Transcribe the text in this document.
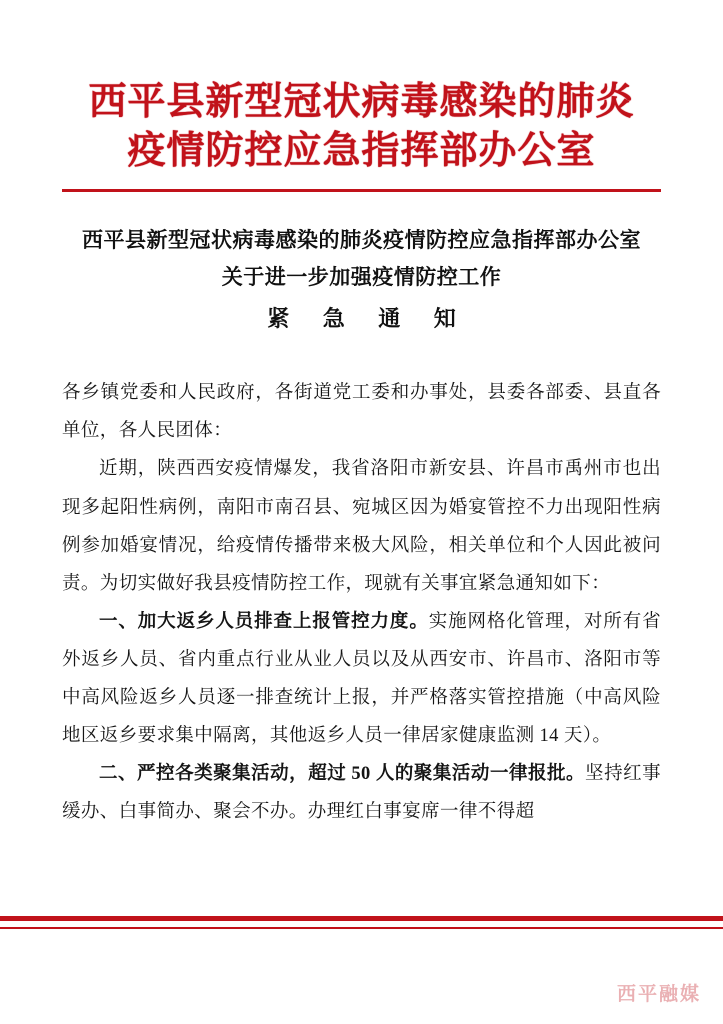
西平县新型冠状病毒感染的肺炎
疫情防控应急指挥部办公室
西平县新型冠状病毒感染的肺炎疫情防控应急指挥部办公室
关于进一步加强疫情防控工作
紧 急 通 知

各乡镇党委和人民政府，各街道党工委和办事处，县委各部委、县直各单位，各人民团体：

近期，陕西西安疫情爆发，我省洛阳市新安县、许昌市禹州市也出现多起阳性病例，南阳市南召县、宛城区因为婚宴管控不力出现阳性病例参加婚宴情况，给疫情传播带来极大风险，相关单位和个人因此被问责。为切实做好我县疫情防控工作，现就有关事宜紧急通知如下：

一、加大返乡人员排查上报管控力度。实施网格化管理，对所有省外返乡人员、省内重点行业从业人员以及从西安市、许昌市、洛阳市等中高风险返乡人员逐一排查统计上报，并严格落实管控措施（中高风险地区返乡要求集中隔离，其他返乡人员一律居家健康监测 14 天）。

二、严控各类聚集活动，超过 50 人的聚集活动一律报批。坚持红事缓办、白事简办、聚会不办。办理红白事宴席一律不得超

西平融媒
